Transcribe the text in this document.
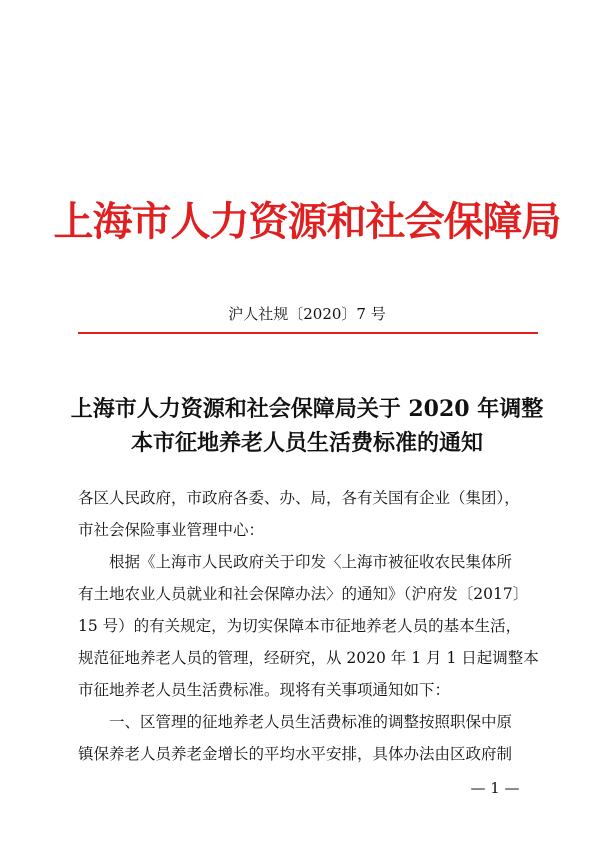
上海市人力资源和社会保障局
沪人社规〔2020〕7 号
上海市人力资源和社会保障局关于 2020 年调整
本市征地养老人员生活费标准的通知
各区人民政府，市政府各委、办、局，各有关国有企业（集团），
市社会保险事业管理中心：
根据《上海市人民政府关于印发〈上海市被征收农民集体所
有土地农业人员就业和社会保障办法〉的通知》（沪府发〔2017〕
15 号）的有关规定，为切实保障本市征地养老人员的基本生活，
规范征地养老人员的管理，经研究，从 2020 年 1 月 1 日起调整本
市征地养老人员生活费标准。现将有关事项通知如下：
一、区管理的征地养老人员生活费标准的调整按照职保中原
镇保养老人员养老金增长的平均水平安排，具体办法由区政府制
— 1 —
